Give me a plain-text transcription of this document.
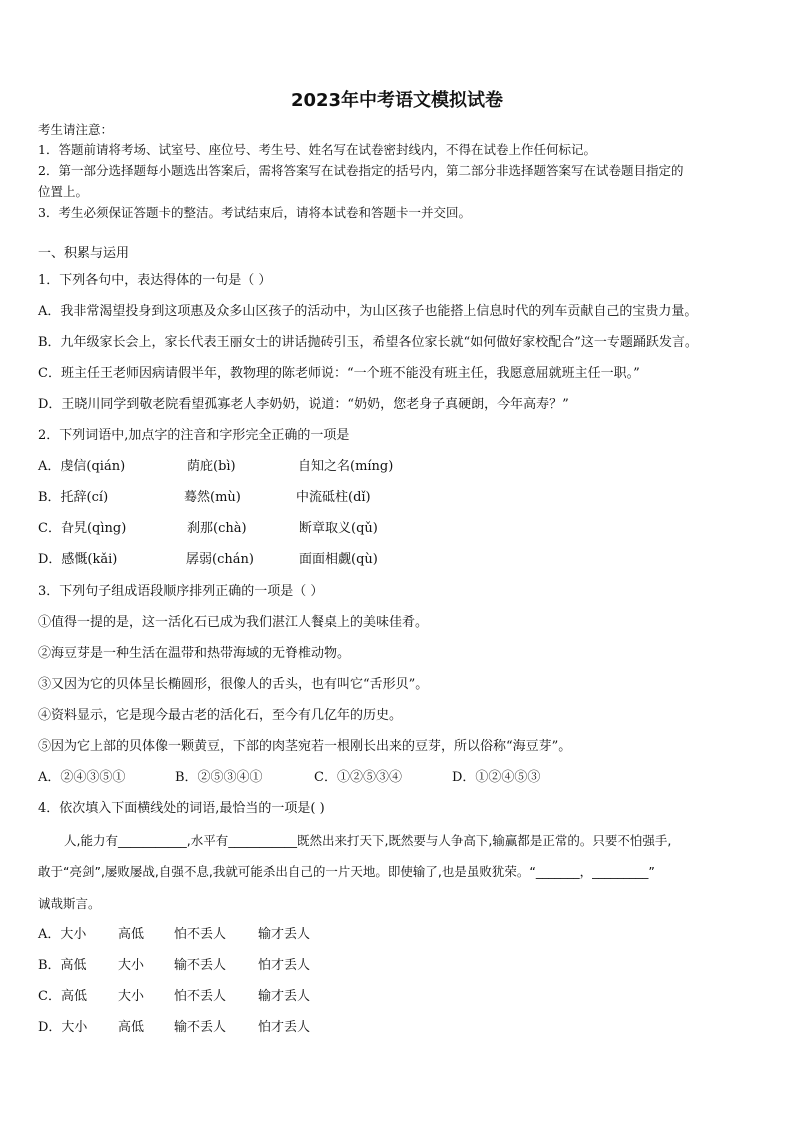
2023年中考语文模拟试卷
考生请注意：
1．答题前请将考场、试室号、座位号、考生号、姓名写在试卷密封线内，不得在试卷上作任何标记。
2．第一部分选择题每小题选出答案后，需将答案写在试卷指定的括号内，第二部分非选择题答案写在试卷题目指定的
位置上。
3．考生必须保证答题卡的整洁。考试结束后，请将本试卷和答题卡一并交回。
一、积累与运用
1．下列各句中，表达得体的一句是（ ）
A．我非常渴望投身到这项惠及众多山区孩子的活动中，为山区孩子也能搭上信息时代的列车贡献自己的宝贵力量。
B．九年级家长会上，家长代表王丽女士的讲话抛砖引玉，希望各位家长就“如何做好家校配合”这一专题踊跃发言。
C．班主任王老师因病请假半年，教物理的陈老师说：“一个班不能没有班主任，我愿意屈就班主任一职。”
D．王晓川同学到敬老院看望孤寡老人李奶奶，说道：“奶奶，您老身子真硬朗，今年高寿？”
2．下列词语中,加点字的注音和字形完全正确的一项是
A．虔信(qián)	荫庇(bì)	自知之名(míng)
B．托辞(cí)	蓦然(mù)	中流砥柱(dǐ)
C．旮旯(qìng)	刹那(chà)	断章取义(qǔ)
D．感慨(kǎi)	孱弱(chán)	面面相觑(qù)
3．下列句子组成语段顺序排列正确的一项是（ ）
①值得一提的是，这一活化石已成为我们湛江人餐桌上的美味佳肴。
②海豆芽是一种生活在温带和热带海域的无脊椎动物。
③又因为它的贝体呈长椭圆形，很像人的舌头，也有叫它“舌形贝”。
④资料显示，它是现今最古老的活化石，至今有几亿年的历史。
⑤因为它上部的贝体像一颗黄豆，下部的肉茎宛若一根刚长出来的豆芽，所以俗称“海豆芽”。
A．②④③⑤①	B．②⑤③④①	C．①②⑤③④	D．①②④⑤③
4．依次填入下面横线处的词语,最恰当的一项是( )
人,能力有___________,水平有___________既然出来打天下,既然要与人争高下,输赢都是正常的。只要不怕强手,
敢于“亮剑”,屡败屡战,自强不息,我就可能杀出自己的一片天地。即使输了,也是虽败犹荣。“_______，_________”
诚哉斯言。
A．大小 高低 怕不丢人 输才丢人
B．高低 大小 输不丢人 怕才丢人
C．高低 大小 怕不丢人 输才丢人
D．大小 高低 输不丢人 怕才丢人
